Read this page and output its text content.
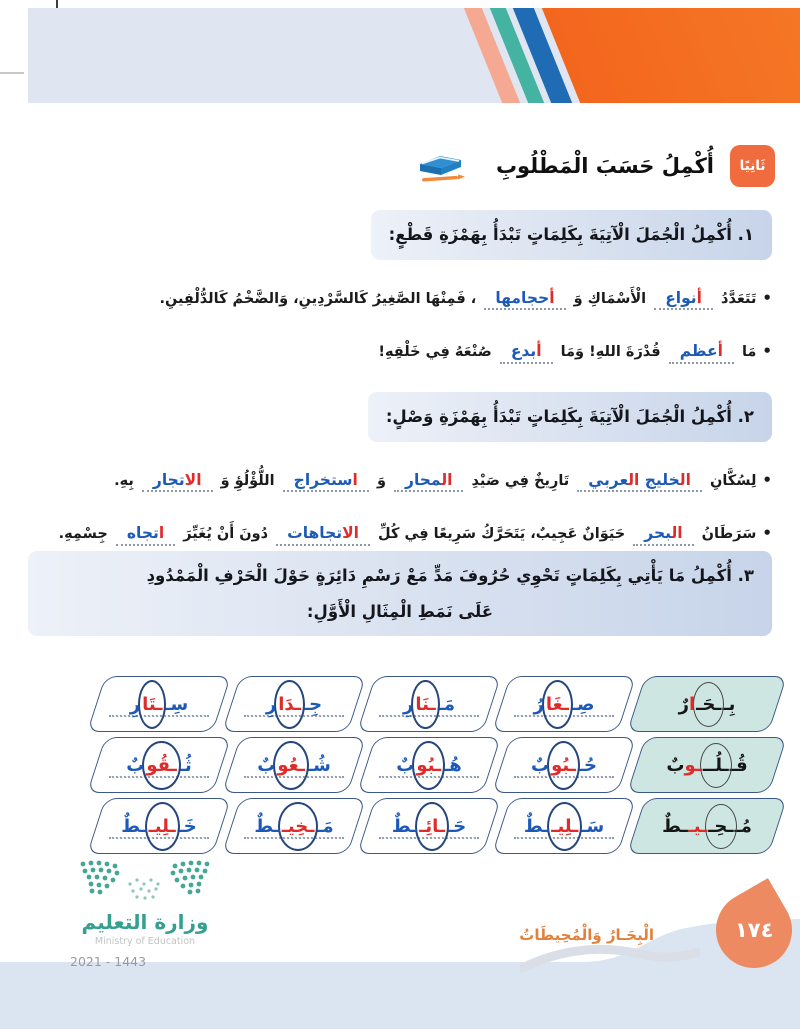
ثَانِيًا
أُكْمِلُ حَسَبَ الْمَطْلُوبِ
١. أُكْمِلُ الْجُمَلَ الْآتِيَةَ بِكَلِمَاتٍ تَبْدَأُ بِهَمْزَةِ قَطْعٍ:
•تَتَعَدَّدُ أنواع الْأَسْمَاكِ وَ أحجامها ، فَمِنْهَا الصَّغِيرُ كَالسَّرْدِينِ، وَالضَّخْمُ كَالدُّلْفِينِ.
•مَا أعظم قُدْرَةَ اللهِ! وَمَا أبدع صُنْعَهُ فِي خَلْقِهِ!
٢. أُكْمِلُ الْجُمَلَ الْآتِيَةَ بِكَلِمَاتٍ تَبْدَأُ بِهَمْزَةِ وَصْلٍ:
•لِسُكَّانِ الخليج العربي تَارِيخٌ فِي صَيْدِ المحار وَ استخراج اللُّؤْلُؤِ وَ الاتجار بِهِ.
•سَرَطَانُ البحر حَيَوَانٌ عَجِيبٌ، يَتَحَرَّكُ سَرِيعًا فِي كُلِّ الاتجاهات دُونَ أَنْ يُغَيِّرَ اتجاه جِسْمِهِ.
٣. أُكْمِلُ مَا يَأْتِي بِكَلِمَاتٍ تَحْوِي حُرُوفَ مَدٍّ مَعْ رَسْمِ دَائِرَةٍ حَوْلَ الْحَرْفِ الْمَمْدُودِ
عَلَى نَمَطِ الْمِثَالِ الْأَوَّلِ:
بِـ
ـحَـ
ا
رٌ
صِـ
ـغَا
رُ
مَـ
ـنَا
رِ
جِـ
ـدَا
رِ
سِـ
ـتَا
رِ
قُـ
ـلُــ
ـو
بٌ
حُـ
ـبُو
بٌ
هُـ
ـبُو
بٌ
شُـ
ـعُو
بٌ
ثُـ
ـقُو
بٌ
مُـ
ـحِـ
ـيـ
ـطٌ
سَـ
ـلِيـ
ـطٌ
حَـ
ـائِـ
ـطٌ
مَـ
ـخِيـ
ـطٌ
خَـ
ـلِيـ
ـطٌ
وزارة التعليم
Ministry of Education
2021 - 1443
الْبِحَـارُ وَالْمُحِيطَاتُ	١٧٤
